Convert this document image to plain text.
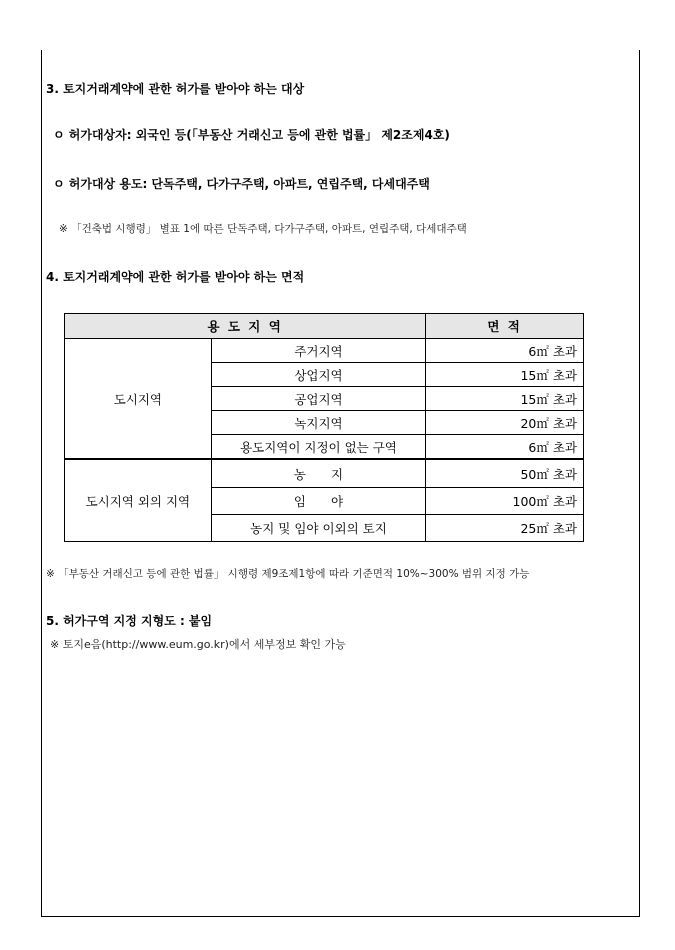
3. 토지거래계약에 관한 허가를 받아야 하는 대상
ㅇ 허가대상자: 외국인 등(「부동산 거래신고 등에 관한 법률」 제2조제4호)
ㅇ 허가대상 용도: 단독주택, 다가구주택, 아파트, 연립주택, 다세대주택
※ 「건축법 시행령」 별표 1에 따른 단독주택, 다가구주택, 아파트, 연립주택, 다세대주택
4. 토지거래계약에 관한 허가를 받아야 하는 면적
용 도 지 역		면 적
도시지역	주거지역	6㎡ 초과
	상업지역	15㎡ 초과
	공업지역	15㎡ 초과
	녹지지역	20㎡ 초과
	용도지역이 지정이 없는 구역	6㎡ 초과
도시지역 외의 지역	농　　지	50㎡ 초과
	임　　야	100㎡ 초과
	농지 및 임야 이외의 토지	25㎡ 초과
※ 「부동산 거래신고 등에 관한 법률」 시행령 제9조제1항에 따라 기준면적 10%~300% 범위 지정 가능
5. 허가구역 지정 지형도 : 붙임
※ 토지e음(http://www.eum.go.kr)에서 세부정보 확인 가능
